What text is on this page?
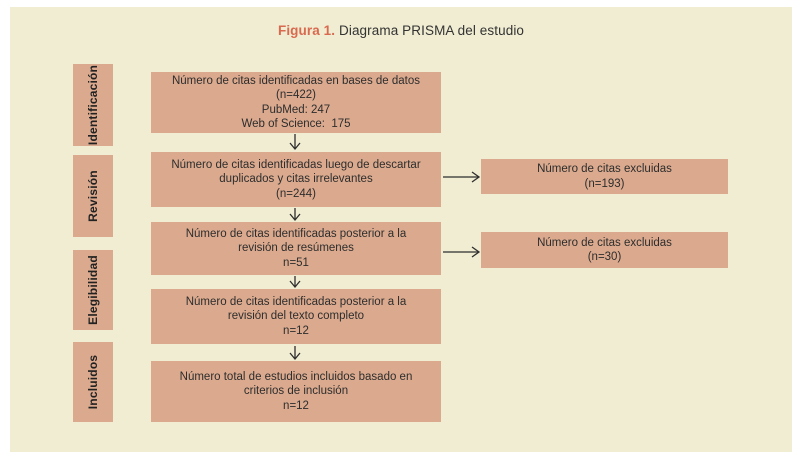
Figura 1. Diagrama PRISMA del estudio
Identificación
Revisión
Elegibilidad
Incluidos
Número de citas identificadas en bases de datos
(n=422)
PubMed: 247
Web of Science:  175
Número de citas identificadas luego de descartar
duplicados y citas irrelevantes
(n=244)
Número de citas identificadas posterior a la
revisión de resúmenes
n=51
Número de citas identificadas posterior a la
revisión del texto completo
n=12
Número total de estudios incluidos basado en
criterios de inclusión
n=12
Número de citas excluidas
(n=193)
Número de citas excluidas
(n=30)
